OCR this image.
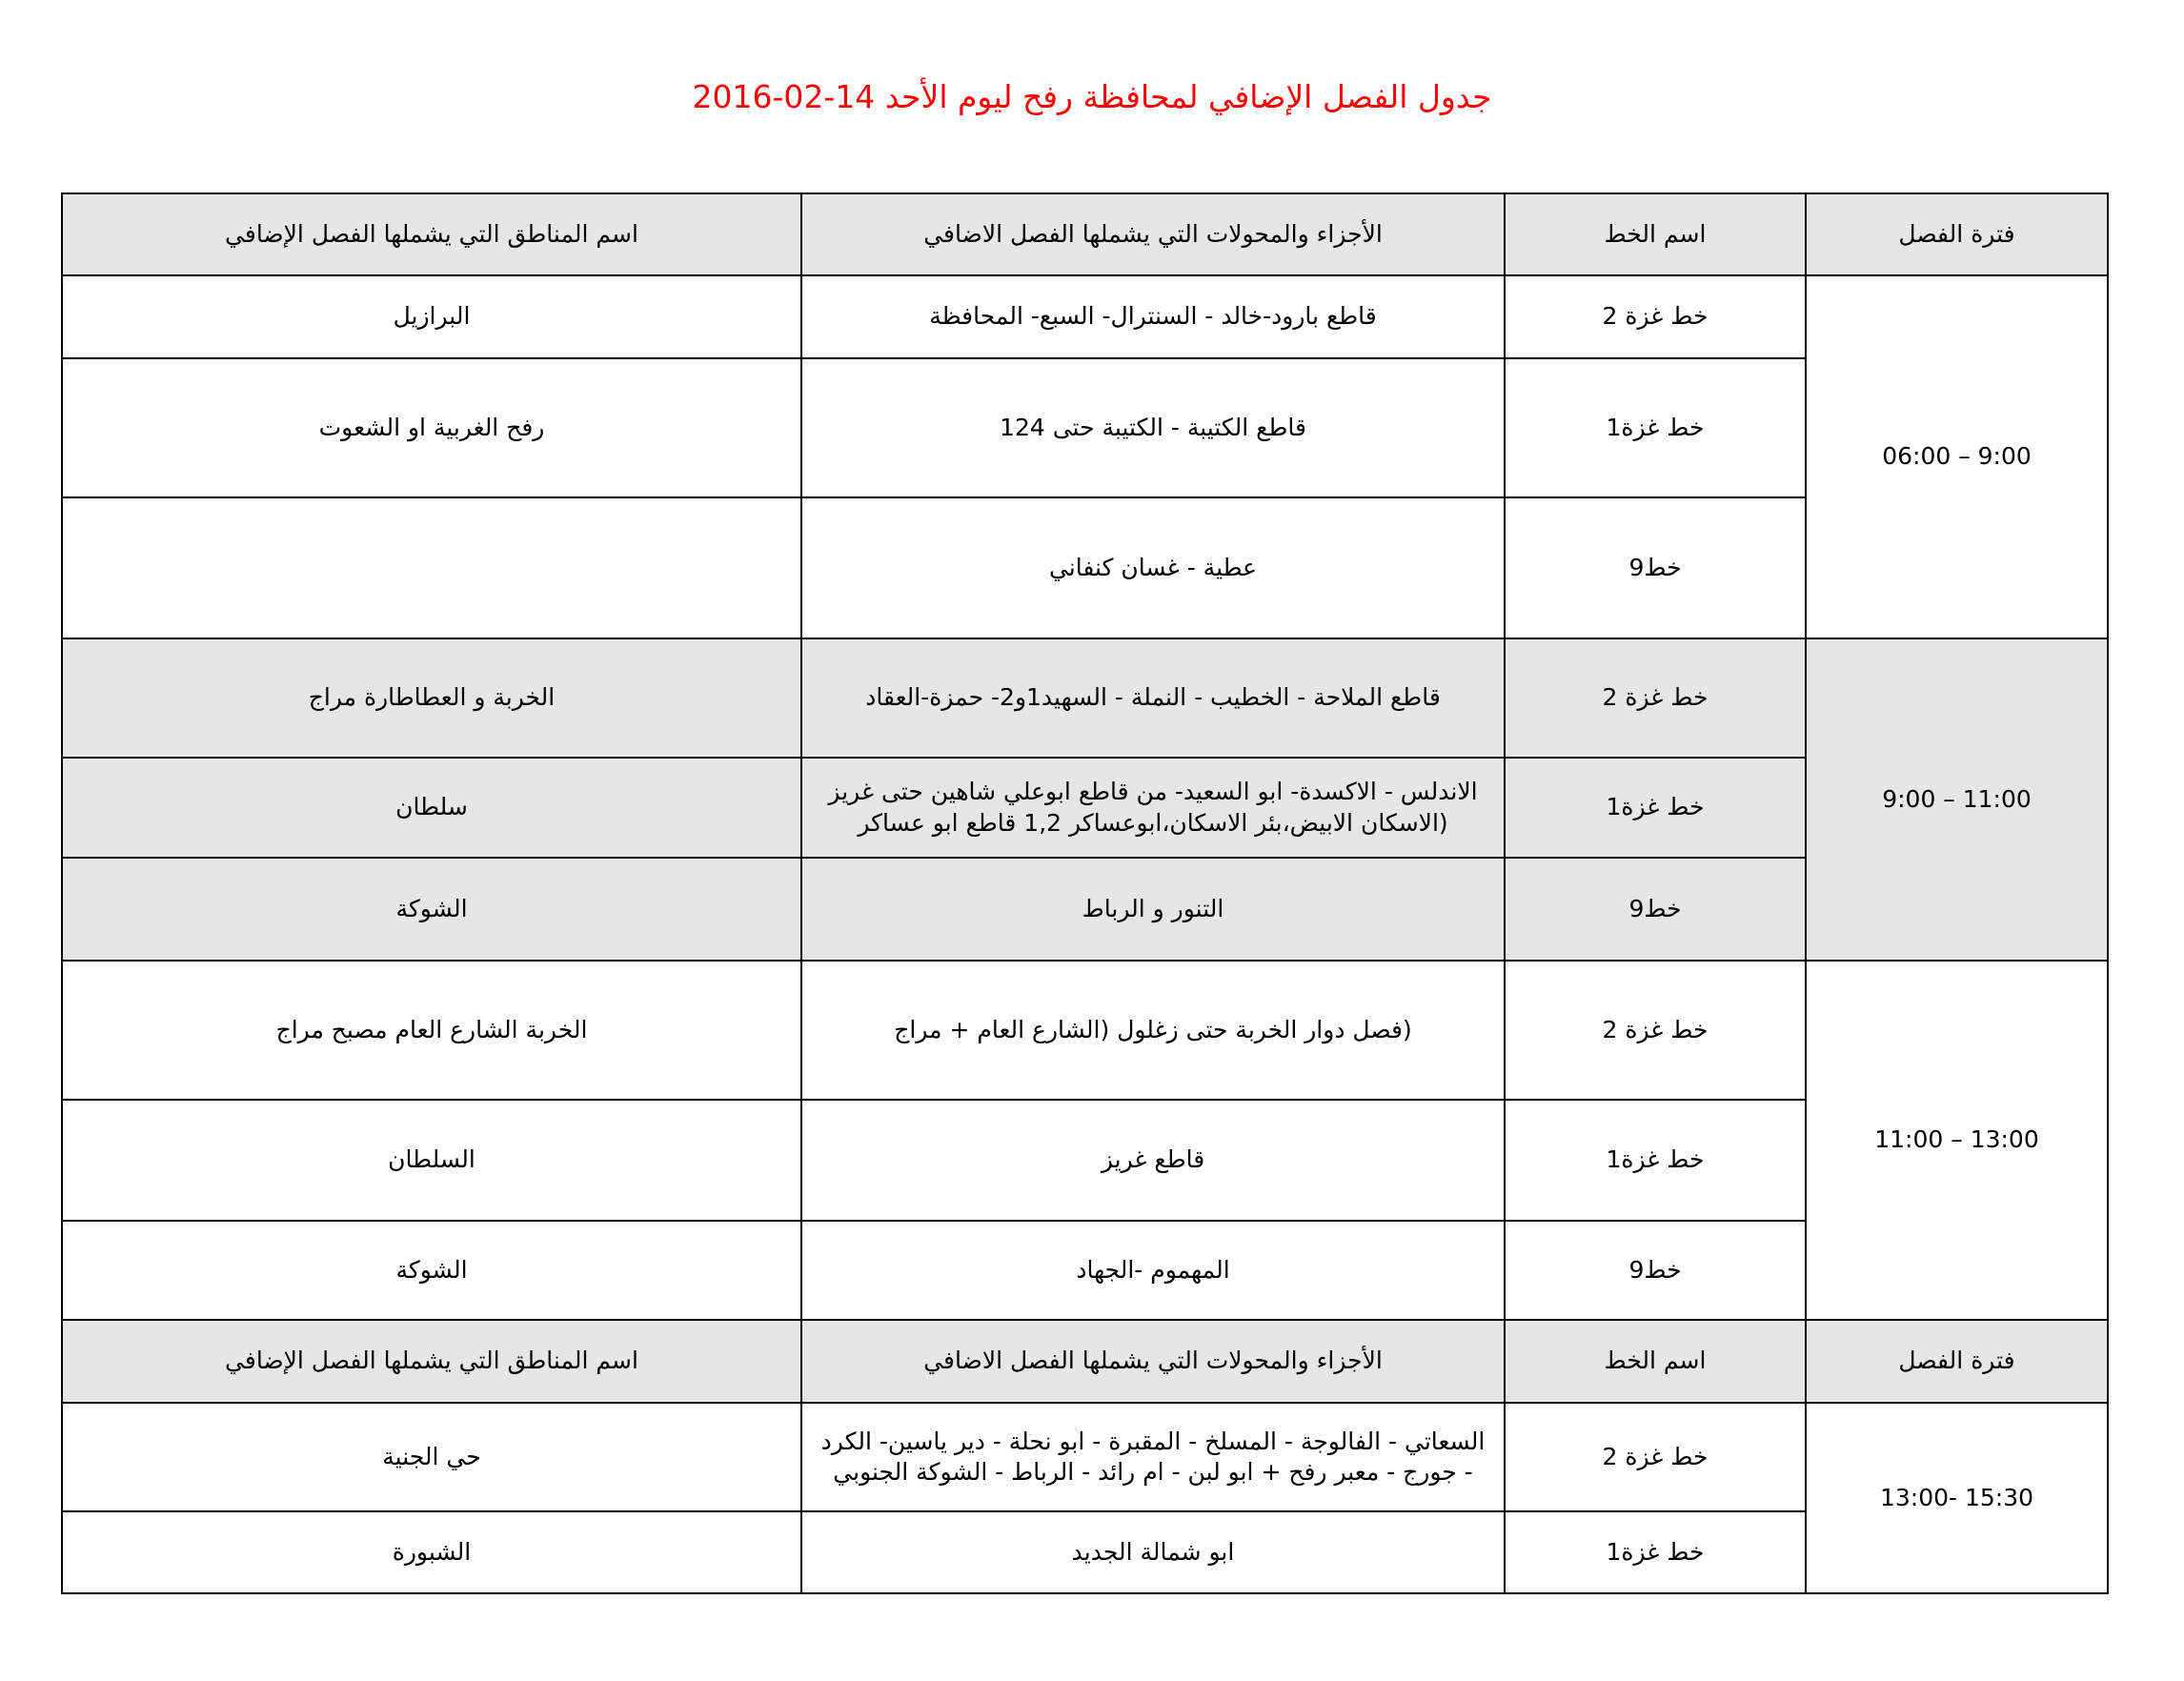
جدول الفصل الإضافي لمحافظة رفح ليوم الأحد 14-02-2016
فترة الفصل	اسم الخط	الأجزاء والمحولات التي يشملها الفصل الاضافي	اسم المناطق التي يشملها الفصل الإضافي
06:00 – 9:00	خط غزة 2	قاطع بارود-خالد - السنترال- السبع- المحافظة	البرازيل
	خط غزة1	قاطع الكتيبة - الكتيبة حتى 124	رفح الغربية او الشعوت
	خط9	عطية - غسان كنفاني	
9:00 – 11:00	خط غزة 2	قاطع الملاحة - الخطيب - النملة - السهيد1و2- حمزة-العقاد	الخربة و العطاطارة مراج
	خط غزة1	الاندلس - الاكسدة- ابو السعيد- من قاطع ابوعلي شاهين حتى غريز (الاسكان الابيض،بئر الاسكان،ابوعساكر 1,2 قاطع ابو عساكر	سلطان
	خط9	التنور و الرباط	الشوكة
11:00 – 13:00	خط غزة 2	(فصل دوار الخربة حتى زغلول (الشارع العام + مراج	الخربة الشارع العام مصبح مراج
	خط غزة1	قاطع غريز	السلطان
	خط9	المهموم -الجهاد	الشوكة
فترة الفصل	اسم الخط	الأجزاء والمحولات التي يشملها الفصل الاضافي	اسم المناطق التي يشملها الفصل الإضافي
13:00- 15:30	خط غزة 2	السعاتي - الفالوجة - المسلخ - المقبرة - ابو نحلة - دير ياسين- الكرد - جورج - معبر رفح + ابو لبن - ام رائد - الرباط - الشوكة الجنوبي	حي الجنية
	خط غزة1	ابو شمالة الجديد	الشبورة
